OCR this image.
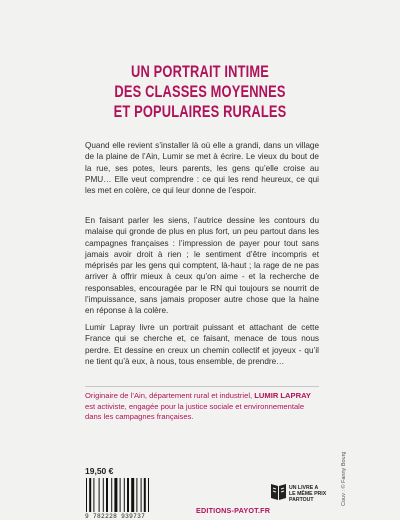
UN PORTRAIT INTIME
DES CLASSES MOYENNES
ET POPULAIRES RURALES
Quand elle revient s’installer là où elle a grandi, dans un village de la plaine de l’Ain, Lumir se met à écrire. Le vieux du bout de la rue, ses potes, leurs parents, les gens qu’elle croise au PMU… Elle veut comprendre : ce qui les rend heureux, ce qui les met en colère, ce qui leur donne de l’espoir.
En faisant parler les siens, l’autrice dessine les contours du malaise qui gronde de plus en plus fort, un peu partout dans les campagnes françaises : l’impression de payer pour tout sans jamais avoir droit à rien ; le sentiment d’être incompris et méprisés par les gens qui comptent, là-haut ; la rage de ne pas arriver à offrir mieux à ceux qu’on aime - et la recherche de responsables, encouragée par le RN qui toujours se nourrit de l’impuissance, sans jamais proposer autre chose que la haine en réponse à la colère.
Lumir Lapray livre un portrait puissant et attachant de cette France qui se cherche et, ce faisant, menace de tous nous perdre. Et dessine en creux un chemin collectif et joyeux - qu’il ne tient qu’à eux, à nous, tous ensemble, de prendre…
Originaire de l’Ain, département rural et industriel, LUMIR LAPRAY est activiste, engagée pour la justice sociale et environnementale dans les campagnes françaises.
19,50 €
9 782228 939737
EDITIONS-PAYOT.FR
UN LIVRE A
LE MÊME PRIX
PARTOUT	Couv : © Fanny Bourg
